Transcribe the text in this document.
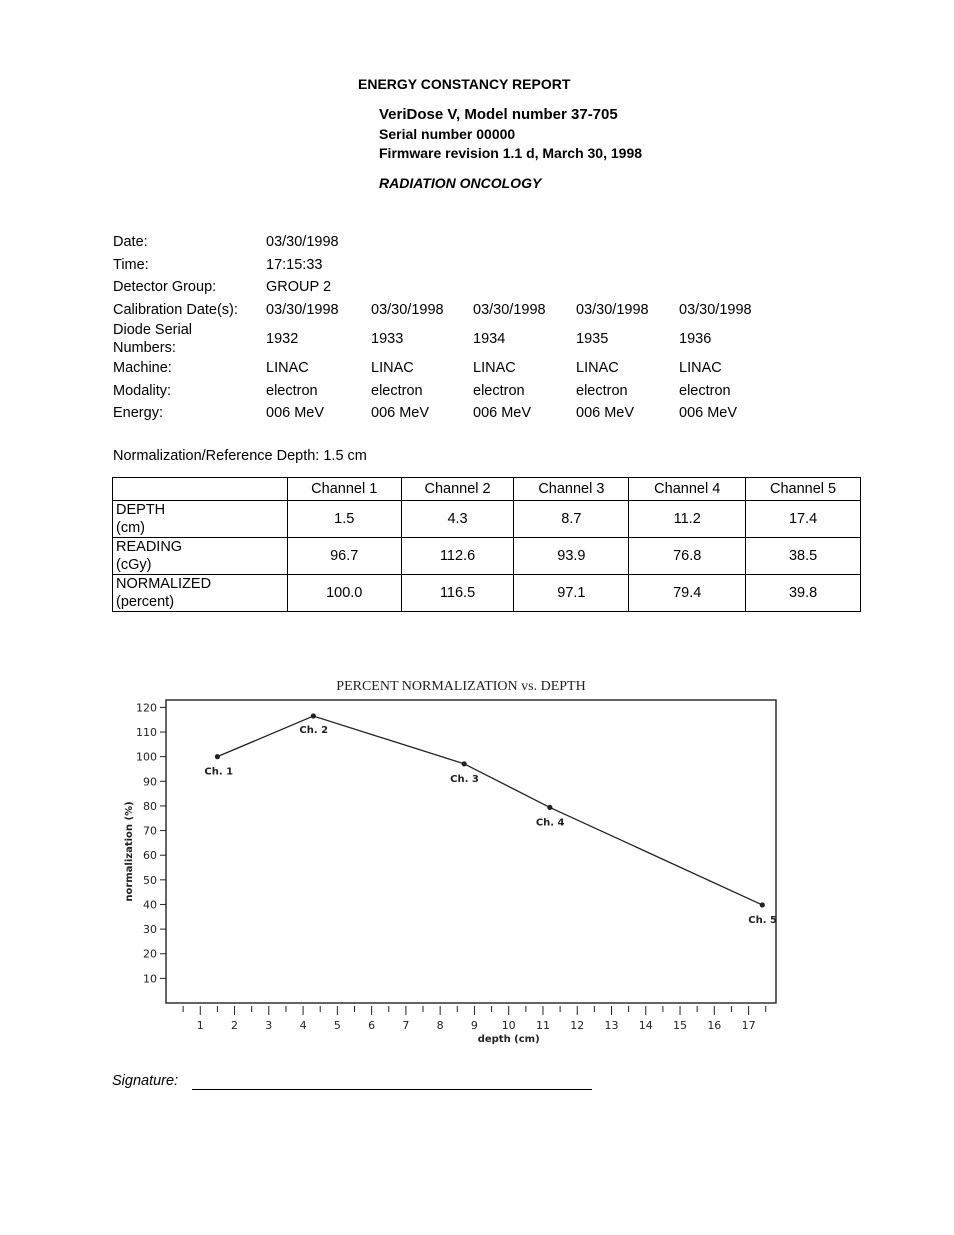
ENERGY CONSTANCY REPORT
VeriDose V, Model number 37-705
Serial number 00000
Firmware revision 1.1 d, March 30, 1998
RADIATION ONCOLOGY
Date:	03/30/1998
Time:	17:15:33
Detector Group:	GROUP 2
Calibration Date(s): 03/30/1998 03/30/1998 03/30/1998 03/30/1998 03/30/1998
Diode Serial
Numbers:
1932	1933	1934	1935	1936
Machine:	LINAC	LINAC	LINAC	LINAC	LINAC
Modality:	electron	electron	electron	electron	electron
Energy:	006 MeV	006 MeV	006 MeV	006 MeV	006 MeV
Normalization/Reference Depth: 1.5 cm
	Channel 1	Channel 2	Channel 3	Channel 4	Channel 5
DEPTH
(cm)	1.5	4.3	8.7	11.2	17.4
READING
(cGy)	96.7	112.6	93.9	76.8	38.5
NORMALIZED
(percent)	100.0	116.5	97.1	79.4	39.8
PERCENT NORMALIZATION vs. DEPTH
10
20
30
40
50
60
70
80
90
100
110
120
normalization (%)
1 2 3 4 5 6 7 8 9 10 11 12 13 14 15 16 17
depth (cm)
Ch. 1
Ch. 2
Ch. 3
Ch. 4
Ch. 5
Signature:
